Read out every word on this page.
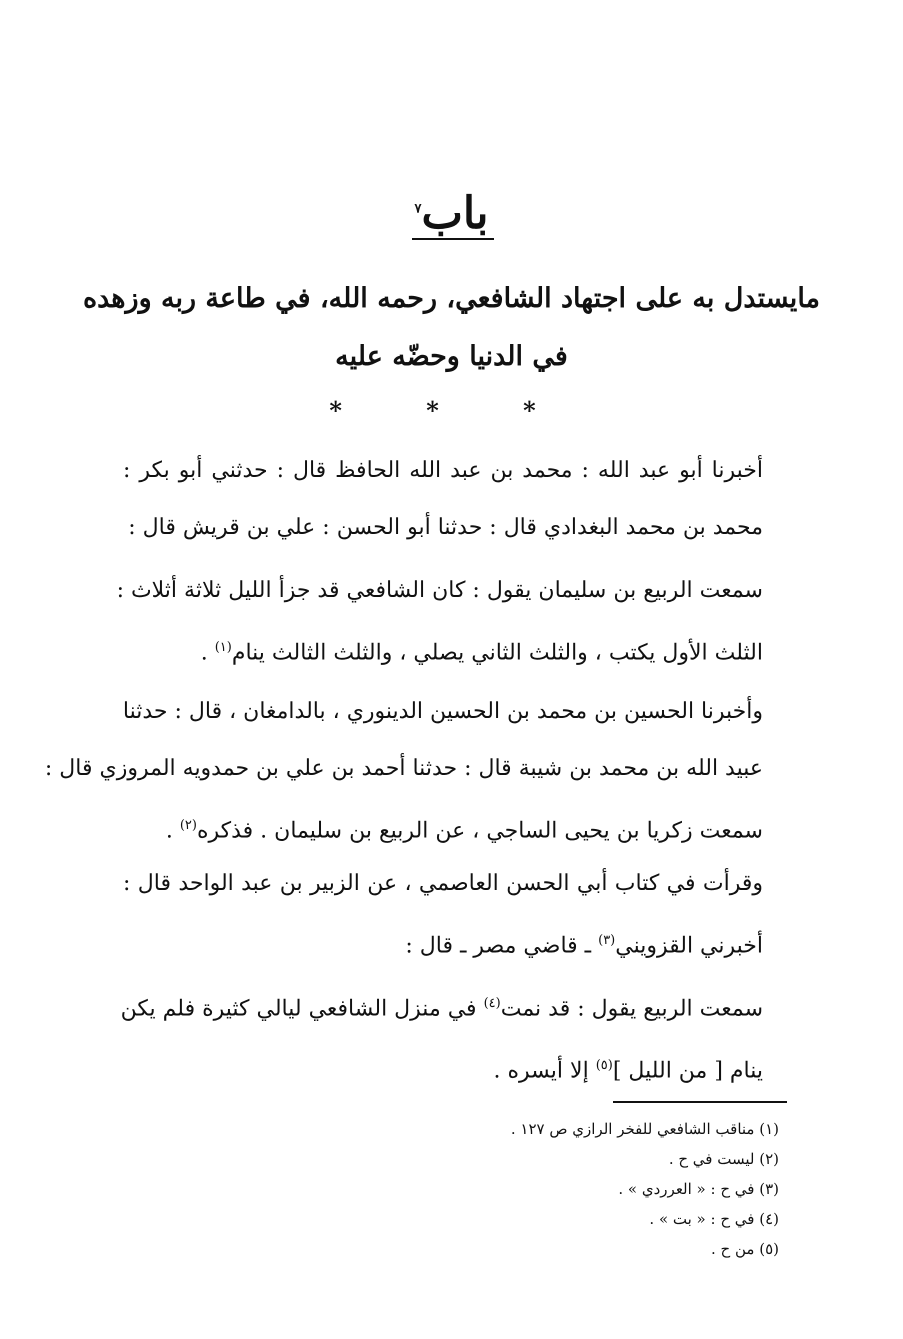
باب$^٧$
مايستدل به على اجتهاد الشافعي، رحمه الله، في طاعة ربه وزهده
في الدنيا وحضّه عليه
* * *
أخبرنا أبو عبد الله : محمد بن عبد الله الحافظ قال : حدثني أبو بكر :
محمد بن محمد البغدادي قال : حدثنا أبو الحسن : علي بن قريش قال :
سمعت الربيع بن سليمان يقول : كان الشافعي قد جزأ الليل ثلاثة أثلاث :
الثلث الأول يكتب ، والثلث الثاني يصلي ، والثلث الثالث ينام$^{(١)}$ .
وأخبرنا الحسين بن محمد بن الحسين الدينوري ، بالدامغان ، قال : حدثنا
عبيد الله بن محمد بن شيبة قال : حدثنا أحمد بن علي بن حمدويه المروزي قال :
سمعت زكريا بن يحيى الساجي ، عن الربيع بن سليمان . فذكره$^{(٢)}$ .
وقرأت في كتاب أبي الحسن العاصمي ، عن الزبير بن عبد الواحد قال :
أخبرني القزويني$^{(٣)}$ ـ قاضي مصر ـ قال :
سمعت الربيع يقول : قد نمت$^{(٤)}$ في منزل الشافعي ليالي كثيرة فلم يكن
ينام [ من الليل ]$^{(٥)}$ إلا أيسره .
(١) مناقب الشافعي للفخر الرازي ص ١٢٧ .
(٢) ليست في ح .
(٣) في ح : « العرردي » .
(٤) في ح : « بت » .
(٥) من ح .
